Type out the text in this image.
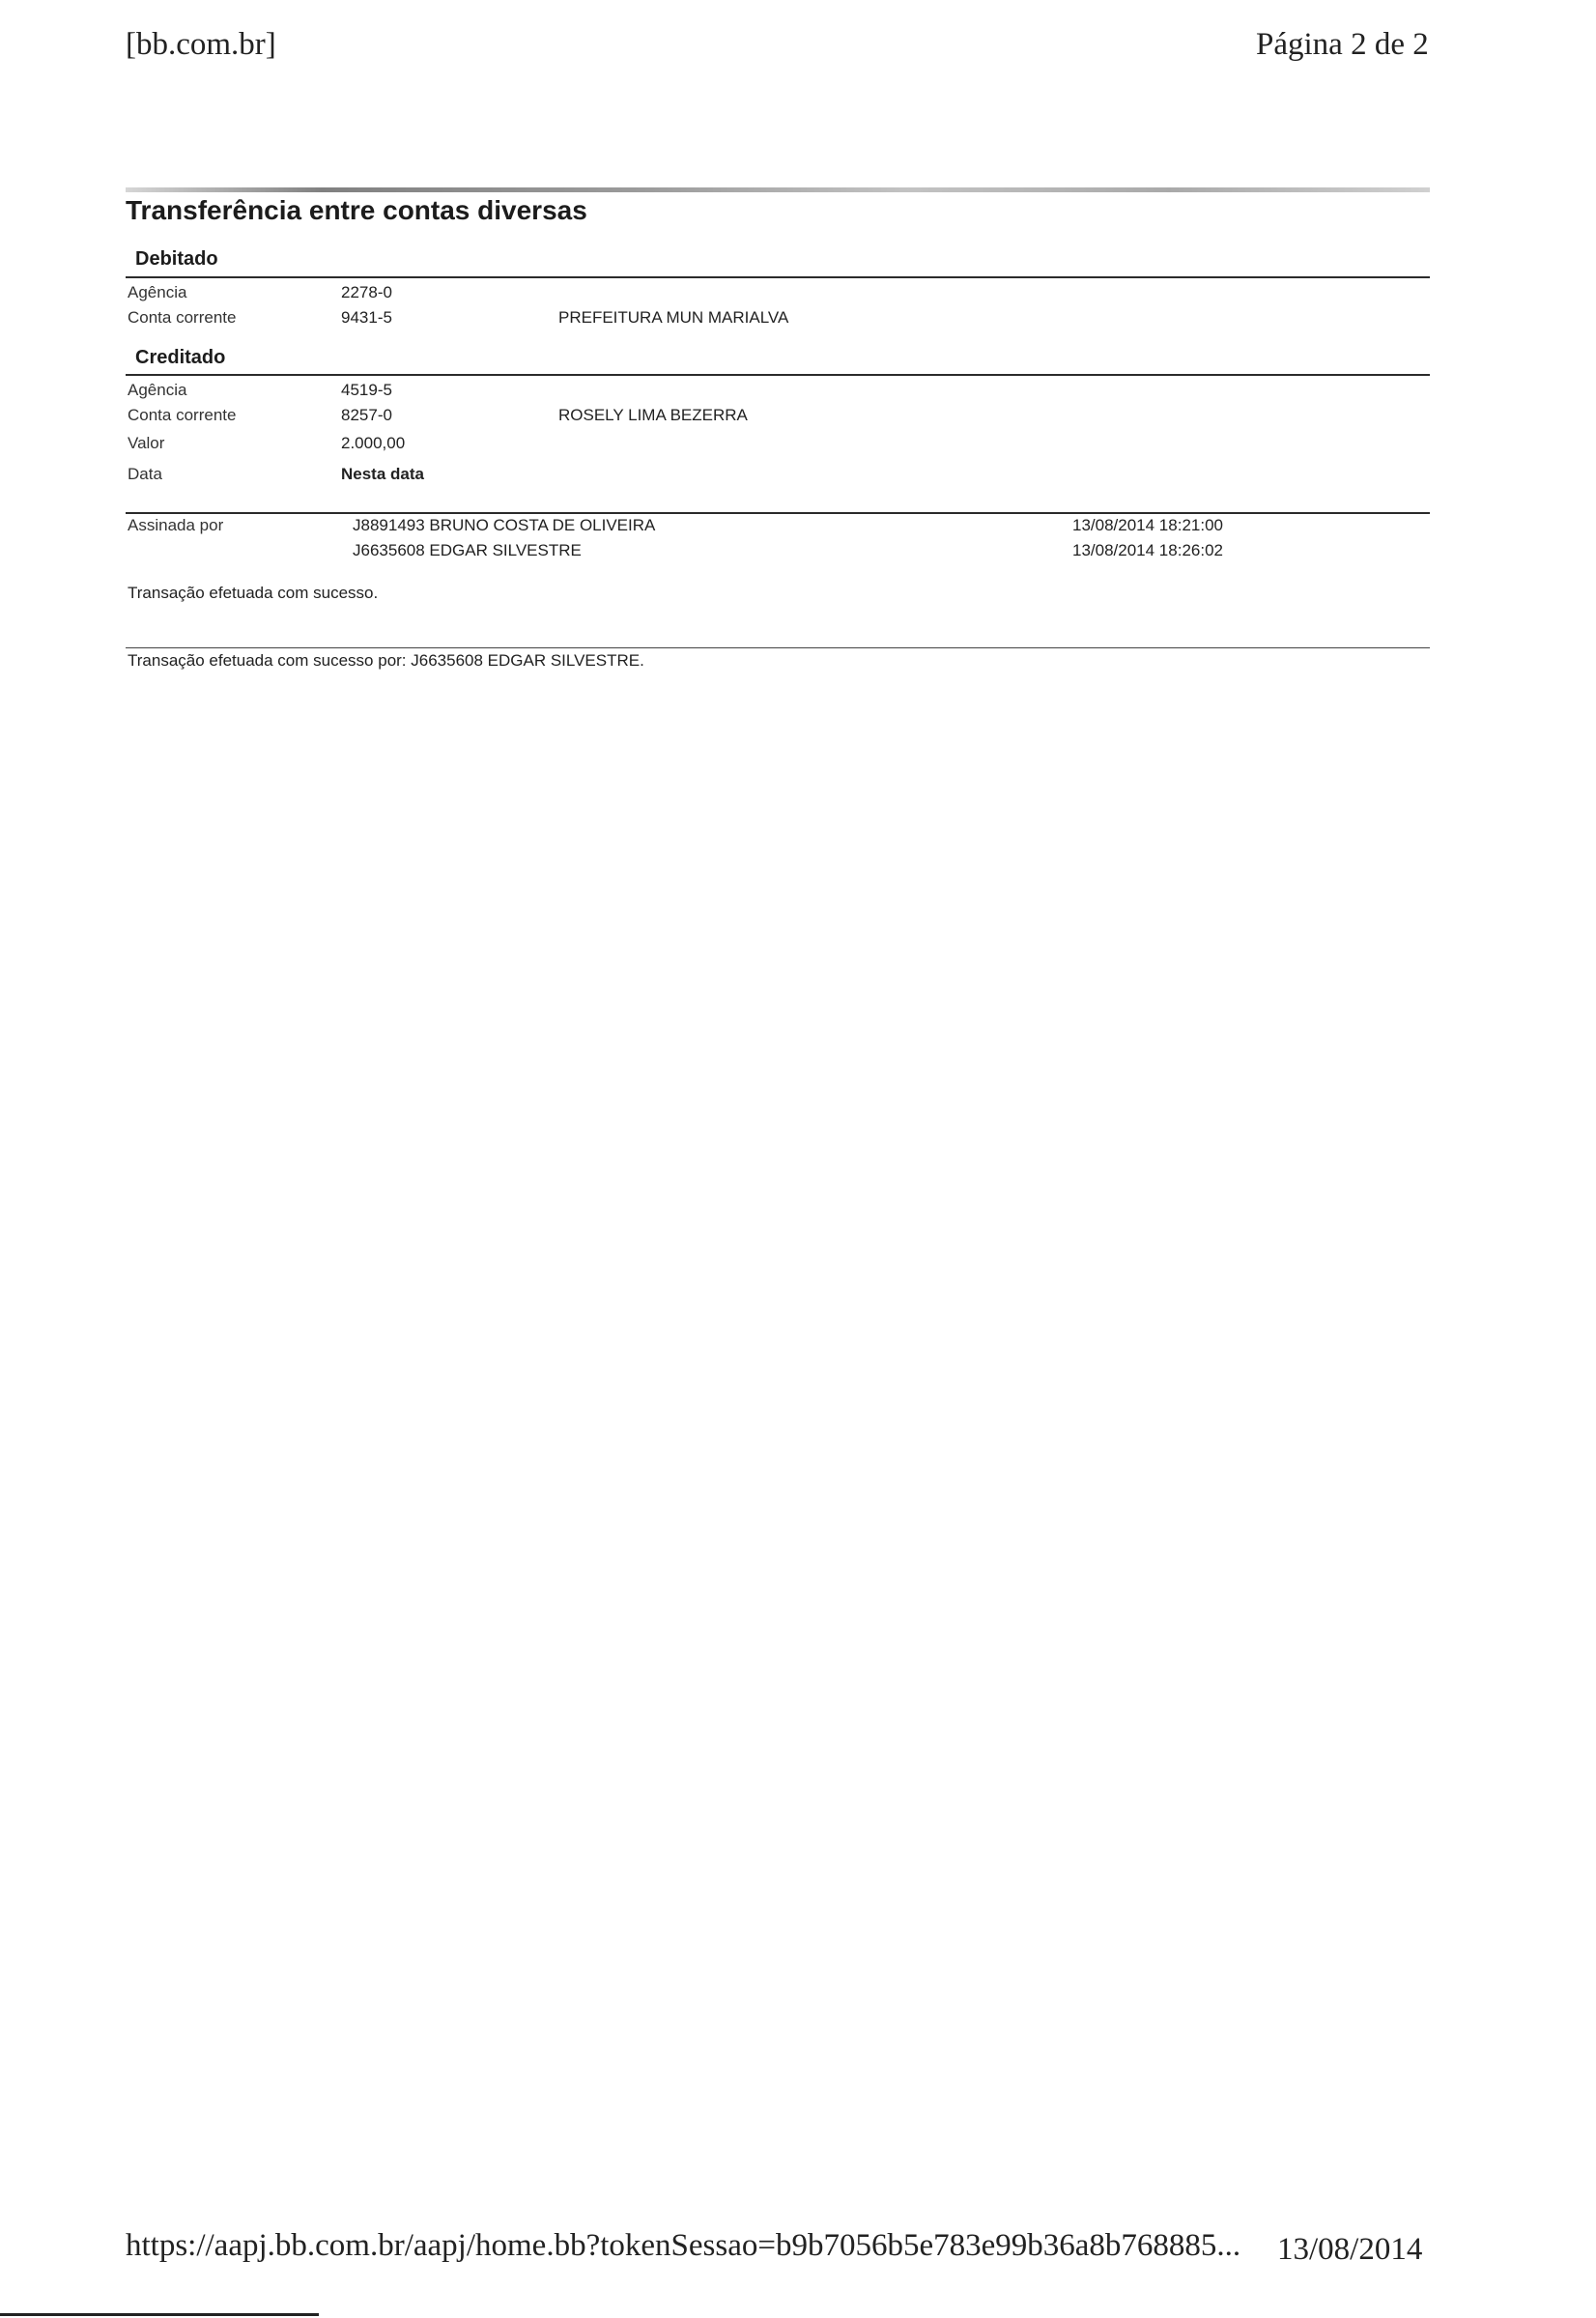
[bb.com.br]	Página 2 de 2
Transferência entre contas diversas
Debitado
Agência	2278-0
Conta corrente	9431-5	PREFEITURA MUN MARIALVA
Creditado
Agência	4519-5
Conta corrente	8257-0	ROSELY LIMA BEZERRA
Valor	2.000,00
Data	Nesta data
Assinada por	J8891493 BRUNO COSTA DE OLIVEIRA	13/08/2014 18:21:00
J6635608 EDGAR SILVESTRE	13/08/2014 18:26:02
Transação efetuada com sucesso.
Transação efetuada com sucesso por: J6635608 EDGAR SILVESTRE.
https://aapj.bb.com.br/aapj/home.bb?tokenSessao=b9b7056b5e783e99b36a8b768885... 13/08/2014
